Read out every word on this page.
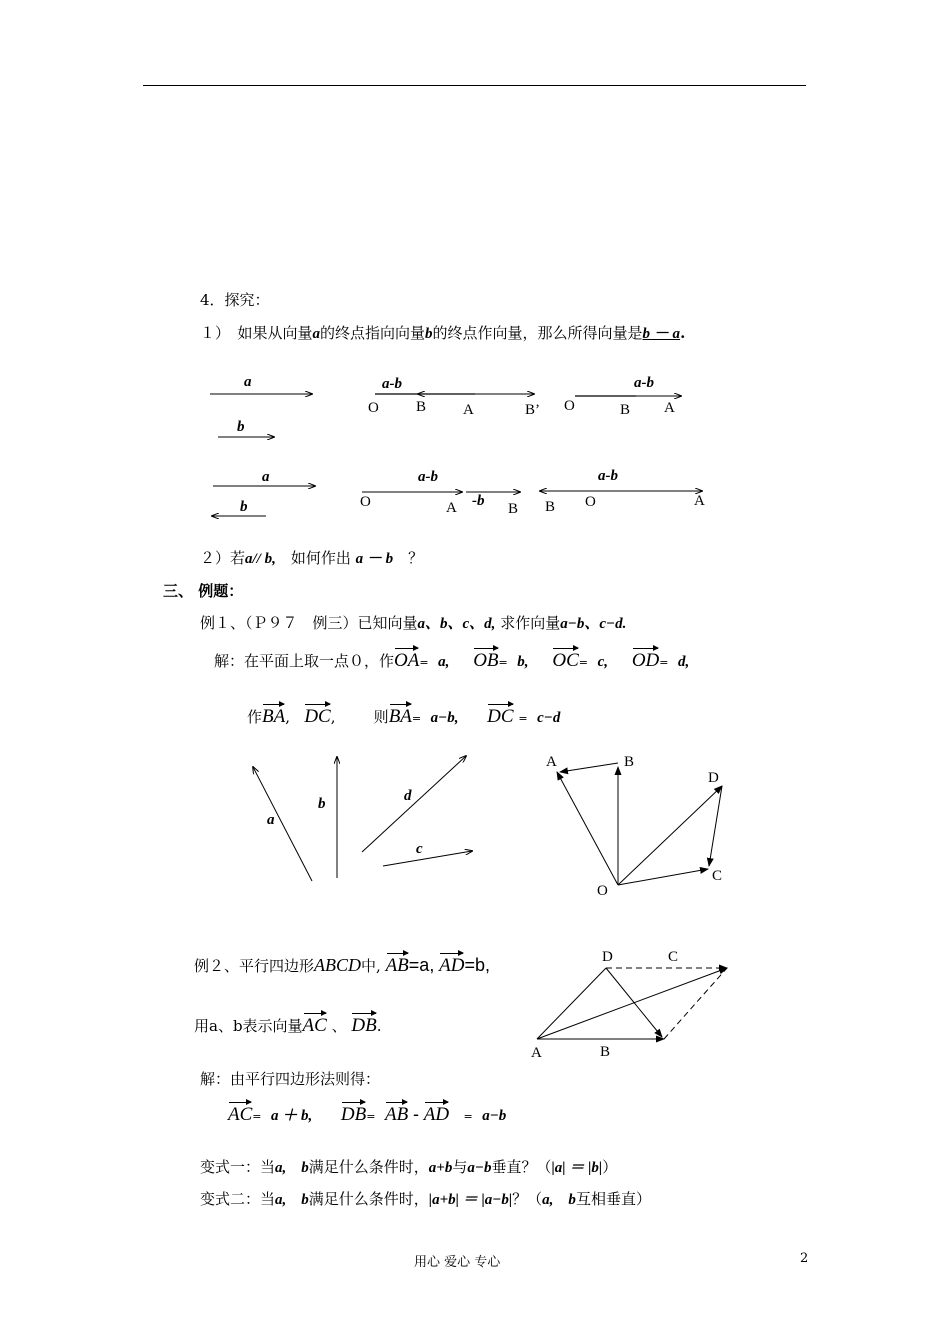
4．探究：
１）　如果从向量a的终点指向向量b的终点作向量，那么所得向量是b － a.
a
b
a-b
O B A	B’
a-b
O	B A
a
b
a-b
-b
O	A	B
a-b
B O	A
a
b	d
c
A	B
D
C
O
D	C
A	B
２）若a// b,　如何作出 a － b　？
三、 例题：
例１、（Ｐ９７　例三）已知向量a、b、c、d, 求作向量a−b、c−d.
解：在平面上取一点０，作OA= a, OB= b, OC= c, OD= d,
作BA, DC,	则BA= a−b, DC = c−d
例２、平行四边形ABCD中, AB=a, AD=b,
用a、b表示向量AC 、 DB.
解：由平行四边形法则得：
AC= a ＋ b, DB= AB - AD = a−b
变式一：当a,　b满足什么条件时，a+b与a−b垂直？（|a| ＝ |b|）
变式二：当a,　b满足什么条件时，|a+b| ＝ |a−b|？（a,　b互相垂直）
用心 爱心 专心	2
